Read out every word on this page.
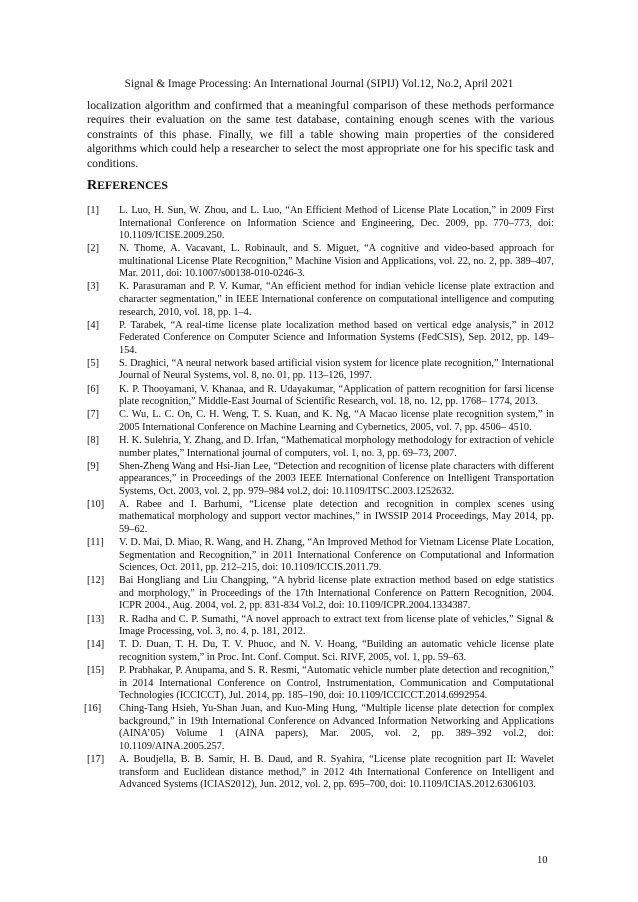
Signal & Image Processing: An International Journal (SIPIJ) Vol.12, No.2, April 2021
localization algorithm and confirmed that a meaningful comparison of these methods performance requires their evaluation on the same test database, containing enough scenes with the various constraints of this phase. Finally, we fill a table showing main properties of the considered algorithms which could help a researcher to select the most appropriate one for his specific task and conditions.
REFERENCES
[1] L. Luo, H. Sun, W. Zhou, and L. Luo, “An Efficient Method of License Plate Location,” in 2009 First International Conference on Information Science and Engineering, Dec. 2009, pp. 770–773, doi: 10.1109/ICISE.2009.250.
[2] N. Thome, A. Vacavant, L. Robinault, and S. Miguet, “A cognitive and video-based approach for multinational License Plate Recognition,” Machine Vision and Applications, vol. 22, no. 2, pp. 389–407, Mar. 2011, doi: 10.1007/s00138-010-0246-3.
[3] K. Parasuraman and P. V. Kumar, “An efficient method for indian vehicle license plate extraction and character segmentation,” in IEEE International conference on computational intelligence and computing research, 2010, vol. 18, pp. 1–4.
[4] P. Tarabek, “A real-time license plate localization method based on vertical edge analysis,” in 2012 Federated Conference on Computer Science and Information Systems (FedCSIS), Sep. 2012, pp. 149–154.
[5] S. Draghici, “A neural network based artificial vision system for licence plate recognition,” International Journal of Neural Systems, vol. 8, no. 01, pp. 113–126, 1997.
[6] K. P. Thooyamani, V. Khanaa, and R. Udayakumar, “Application of pattern recognition for farsi license plate recognition,” Middle-East Journal of Scientific Research, vol. 18, no. 12, pp. 1768– 1774, 2013.
[7] C. Wu, L. C. On, C. H. Weng, T. S. Kuan, and K. Ng, “A Macao license plate recognition system,” in 2005 International Conference on Machine Learning and Cybernetics, 2005, vol. 7, pp. 4506– 4510.
[8] H. K. Sulehria, Y. Zhang, and D. Irfan, “Mathematical morphology methodology for extraction of vehicle number plates,” International journal of computers, vol. 1, no. 3, pp. 69–73, 2007.
[9] Shen-Zheng Wang and Hsi-Jian Lee, “Detection and recognition of license plate characters with different appearances,” in Proceedings of the 2003 IEEE International Conference on Intelligent Transportation Systems, Oct. 2003, vol. 2, pp. 979–984 vol.2, doi: 10.1109/ITSC.2003.1252632.
[10] A. Rabee and I. Barhumi, “License plate detection and recognition in complex scenes using mathematical morphology and support vector machines,” in IWSSIP 2014 Proceedings, May 2014, pp. 59–62.
[11] V. D. Mai, D. Miao, R. Wang, and H. Zhang, “An Improved Method for Vietnam License Plate Location, Segmentation and Recognition,” in 2011 International Conference on Computational and Information Sciences, Oct. 2011, pp. 212–215, doi: 10.1109/ICCIS.2011.79.
[12] Bai Hongliang and Liu Changping, “A hybrid license plate extraction method based on edge statistics and morphology,” in Proceedings of the 17th International Conference on Pattern Recognition, 2004. ICPR 2004., Aug. 2004, vol. 2, pp. 831-834 Vol.2, doi: 10.1109/ICPR.2004.1334387.
[13] R. Radha and C. P. Sumathi, “A novel approach to extract text from license plate of vehicles,” Signal & Image Processing, vol. 3, no. 4, p. 181, 2012.
[14] T. D. Duan, T. H. Du, T. V. Phuoc, and N. V. Hoang, “Building an automatic vehicle license plate recognition system,” in Proc. Int. Conf. Comput. Sci. RIVF, 2005, vol. 1, pp. 59–63.
[15] P. Prabhakar, P. Anupama, and S. R. Resmi, “Automatic vehicle number plate detection and recognition,” in 2014 International Conference on Control, Instrumentation, Communication and Computational Technologies (ICCICCT), Jul. 2014, pp. 185–190, doi: 10.1109/ICCICCT.2014.6992954.
[16] Ching-Tang Hsieh, Yu-Shan Juan, and Kuo-Ming Hung, “Multiple license plate detection for complex background,” in 19th International Conference on Advanced Information Networking and Applications (AINA’05) Volume 1 (AINA papers), Mar. 2005, vol. 2, pp. 389–392 vol.2, doi: 10.1109/AINA.2005.257.
[17] A. Boudjella, B. B. Samir, H. B. Daud, and R. Syahira, “License plate recognition part II: Wavelet transform and Euclidean distance method,” in 2012 4th International Conference on Intelligent and Advanced Systems (ICIAS2012), Jun. 2012, vol. 2, pp. 695–700, doi: 10.1109/ICIAS.2012.6306103.
10
